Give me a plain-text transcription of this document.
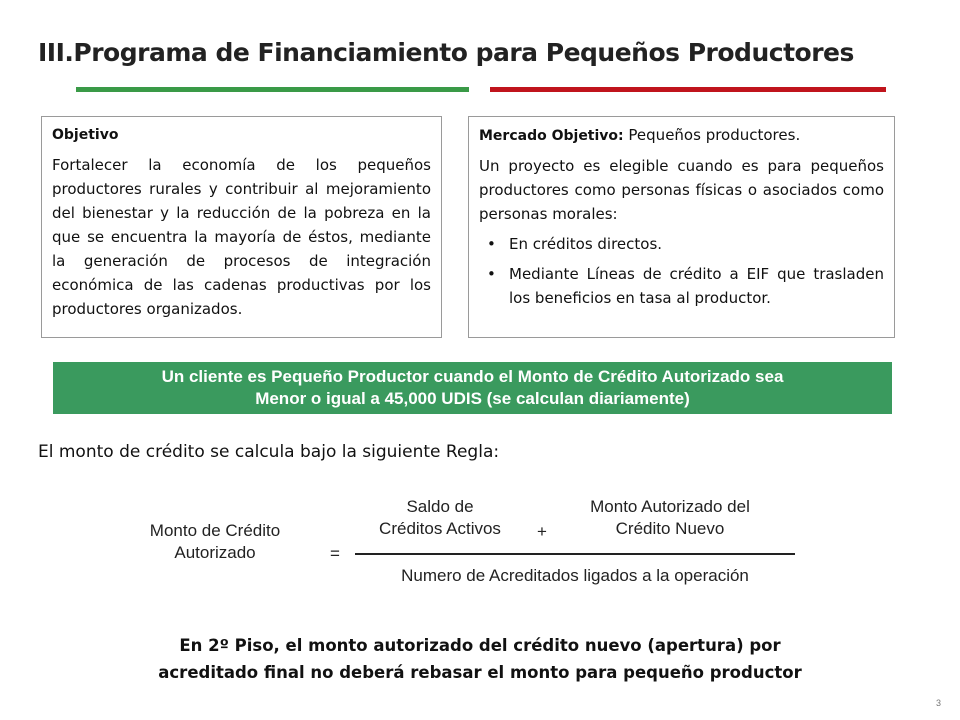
III.Programa de Financiamiento para Pequeños Productores
Objetivo

Fortalecer la economía de los pequeños productores rurales y contribuir al mejoramiento del bienestar y la reducción de la pobreza en la que se encuentra la mayoría de éstos, mediante la generación de procesos de integración económica de las cadenas productivas por los productores organizados.

Mercado Objetivo: Pequeños productores.

Un proyecto es elegible cuando es para pequeños productores como personas físicas o asociados como personas morales:

• En créditos directos.
• Mediante Líneas de crédito a EIF que trasladen los beneficios en tasa al productor.
Un cliente es Pequeño Productor cuando el Monto de Crédito Autorizado sea
Menor o igual a 45,000 UDIS (se calculan diariamente)
El monto de crédito se calcula bajo la siguiente Regla:
Monto de Crédito
Autorizado	=
Saldo de
Créditos Activos	+
Monto Autorizado del
Crédito Nuevo
Numero de Acreditados ligados a la operación
En 2º Piso, el monto autorizado del crédito nuevo (apertura) por
acreditado final no deberá rebasar el monto para pequeño productor
3
